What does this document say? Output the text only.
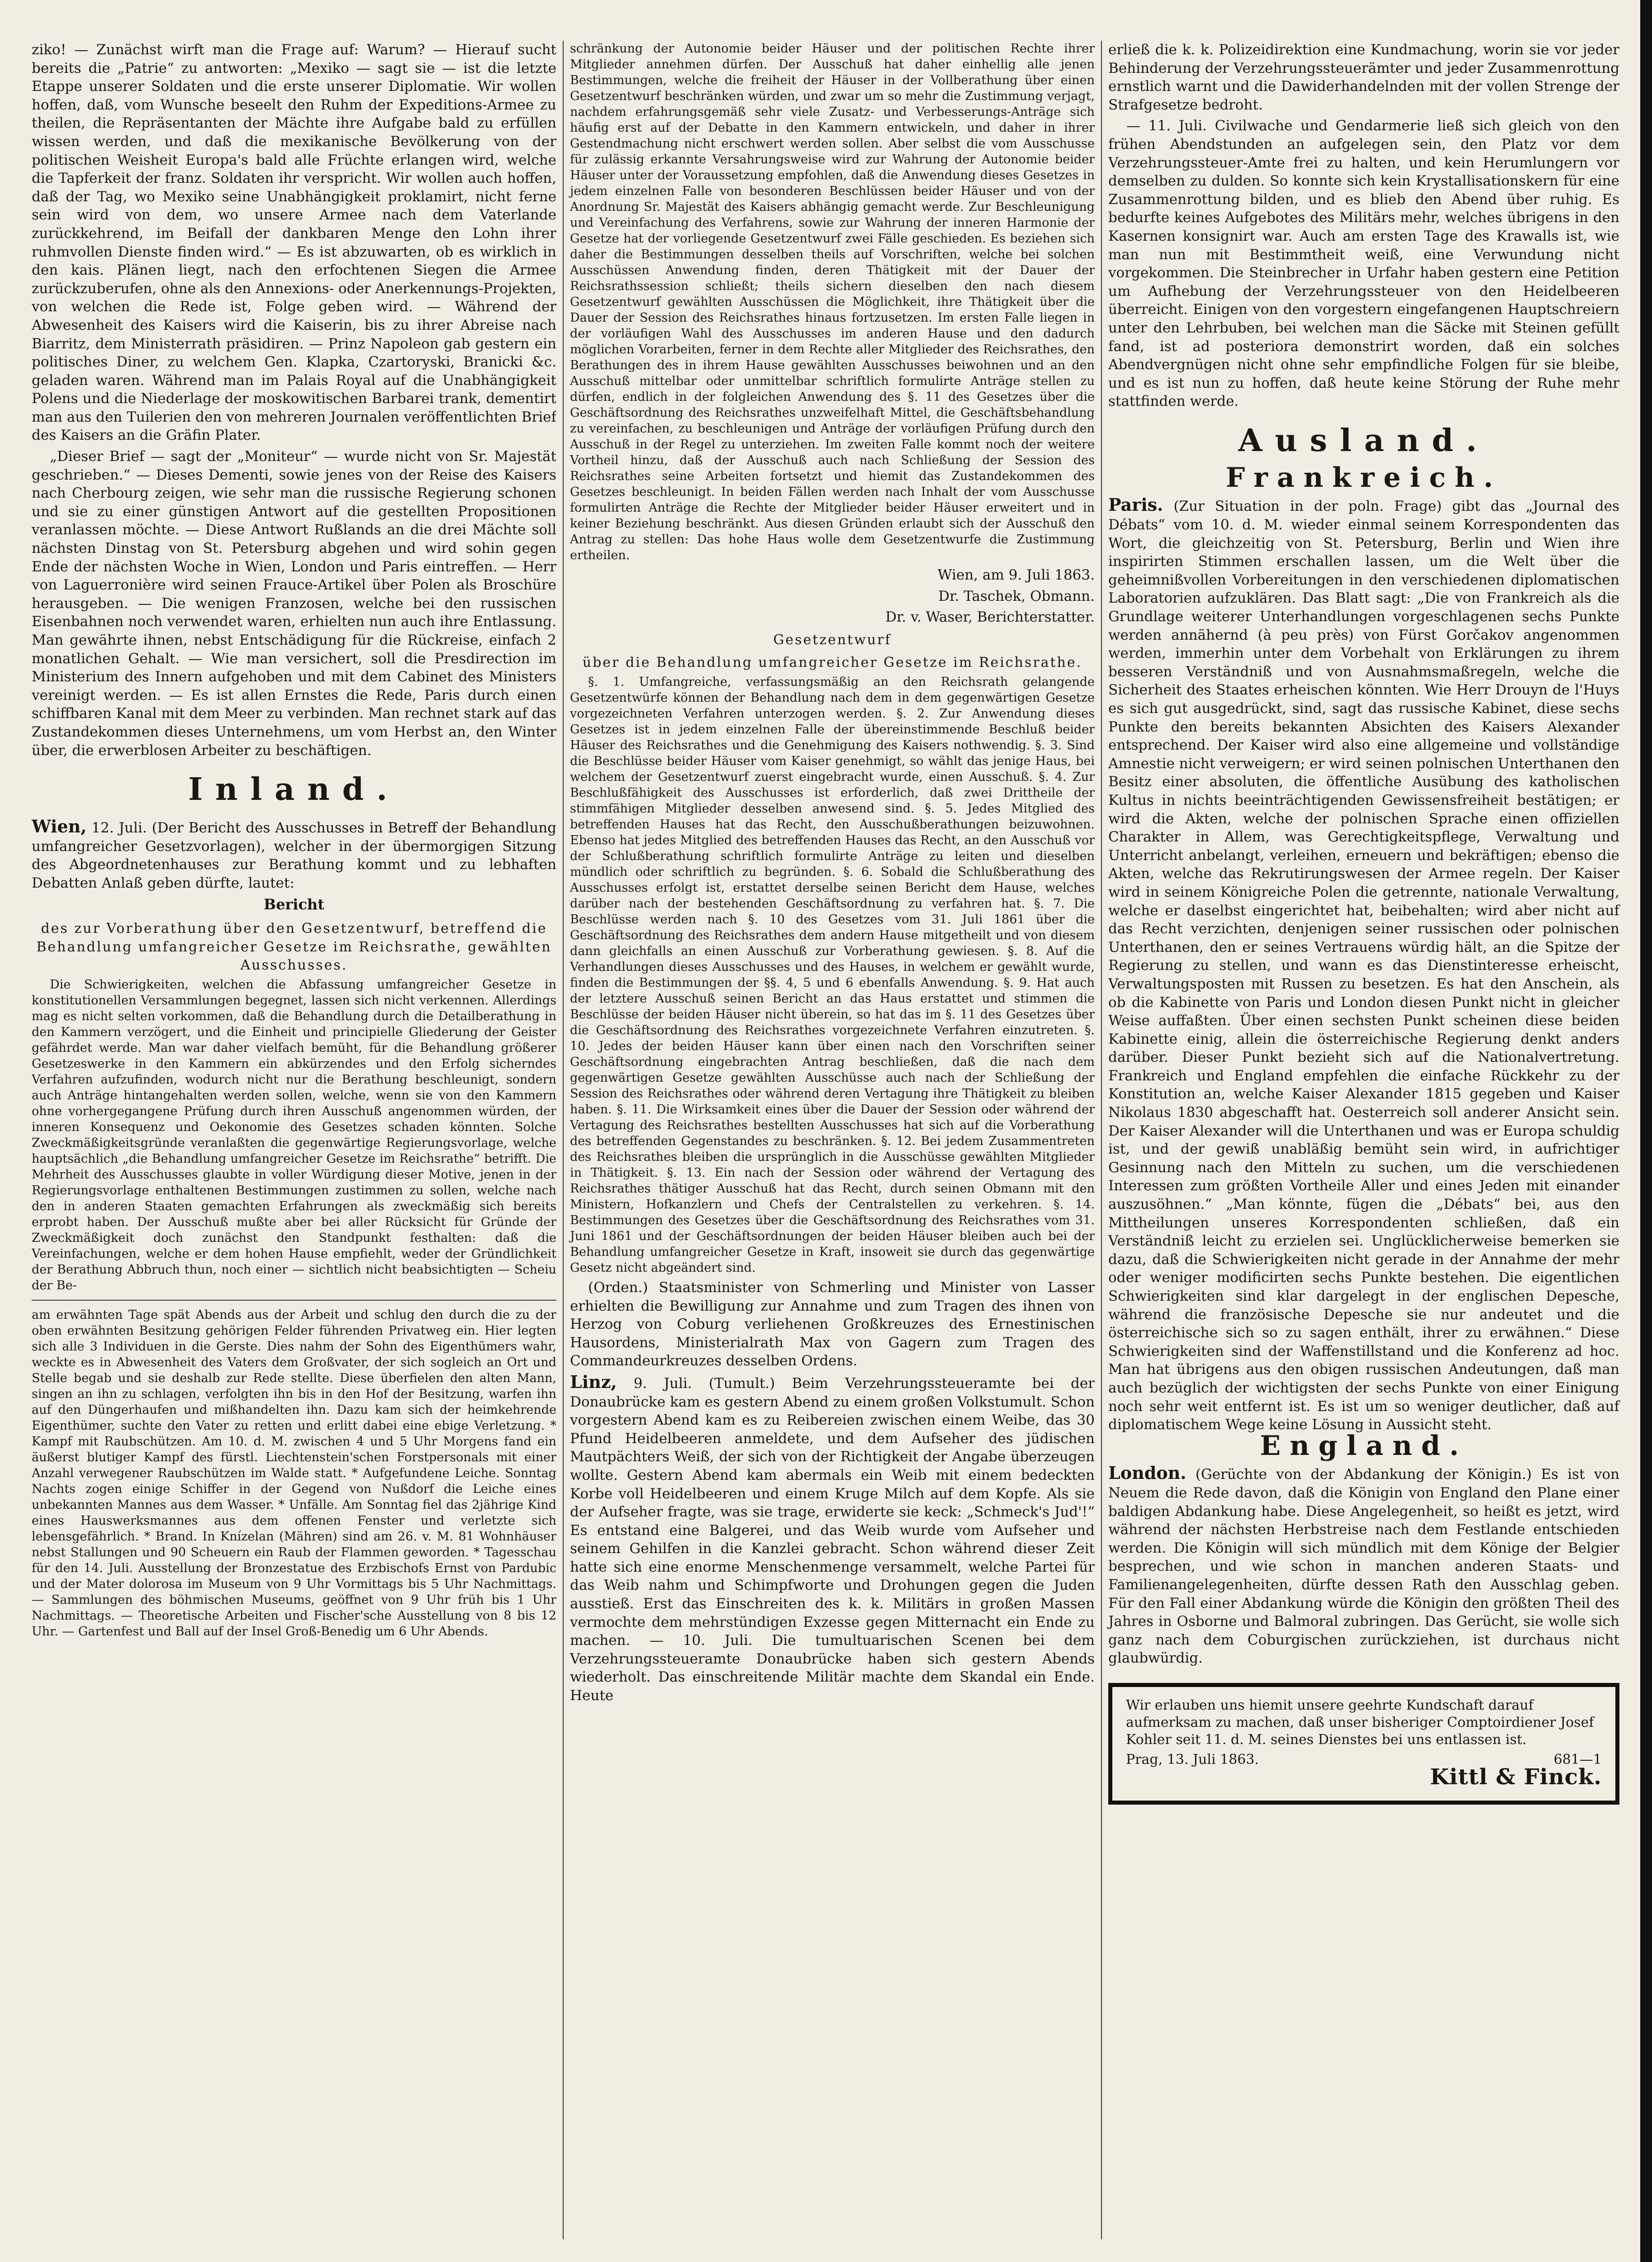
ziko! — Zunächst wirft man die Frage auf: Warum? — Hierauf sucht bereits die „Patrie“ zu antworten: „Mexiko — sagt sie — ist die letzte Etappe unserer Soldaten und die erste unserer Diplomatie. Wir wollen hoffen, daß, vom Wunsche beseelt den Ruhm der Expeditions-Armee zu theilen, die Repräsentanten der Mächte ihre Aufgabe bald zu erfüllen wissen werden, und daß die mexikanische Bevölkerung von der politischen Weisheit Europa's bald alle Früchte erlangen wird, welche die Tapferkeit der franz. Soldaten ihr verspricht. Wir wollen auch hoffen, daß der Tag, wo Mexiko seine Unabhängigkeit proklamirt, nicht ferne sein wird von dem, wo unsere Armee nach dem Vaterlande zurückkehrend, im Beifall der dankbaren Menge den Lohn ihrer ruhmvollen Dienste finden wird.“ — Es ist abzuwarten, ob es wirklich in den kais. Plänen liegt, nach den erfochtenen Siegen die Armee zurückzuberufen, ohne als den Annexions- oder Anerkennungs-Projekten, von welchen die Rede ist, Folge geben wird. — Während der Abwesenheit des Kaisers wird die Kaiserin, bis zu ihrer Abreise nach Biarritz, dem Ministerrath präsidiren. — Prinz Napoleon gab gestern ein politisches Diner, zu welchem Gen. Klapka, Czartoryski, Branicki &c. geladen waren. Während man im Palais Royal auf die Unabhängigkeit Polens und die Niederlage der moskowitischen Barbarei trank, dementirt man aus den Tuilerien den von mehreren Journalen veröffentlichten Brief des Kaisers an die Gräfin Plater.

„Dieser Brief — sagt der „Moniteur“ — wurde nicht von Sr. Majestät geschrieben.“ — Dieses Dementi, sowie jenes von der Reise des Kaisers nach Cherbourg zeigen, wie sehr man die russische Regierung schonen und sie zu einer günstigen Antwort auf die gestellten Propositionen veranlassen möchte. — Diese Antwort Rußlands an die drei Mächte soll nächsten Dinstag von St. Petersburg abgehen und wird sohin gegen Ende der nächsten Woche in Wien, London und Paris eintreffen. — Herr von Laguerronière wird seinen Frauce-Artikel über Polen als Broschüre herausgeben. — Die wenigen Franzosen, welche bei den russischen Eisenbahnen noch verwendet waren, erhielten nun auch ihre Entlassung. Man gewährte ihnen, nebst Entschädigung für die Rückreise, einfach 2 monatlichen Gehalt. — Wie man versichert, soll die Presdirection im Ministerium des Innern aufgehoben und mit dem Cabinet des Ministers vereinigt werden. — Es ist allen Ernstes die Rede, Paris durch einen schiffbaren Kanal mit dem Meer zu verbinden. Man rechnet stark auf das Zustandekommen dieses Unternehmens, um vom Herbst an, den Winter über, die erwerblosen Arbeiter zu beschäftigen.

Inland.

Wien, 12. Juli. (Der Bericht des Ausschusses in Betreff der Behandlung umfangreicher Gesetzvorlagen), welcher in der übermorgigen Sitzung des Abgeordnetenhauses zur Berathung kommt und zu lebhaften Debatten Anlaß geben dürfte, lautet:

Bericht
des zur Vorberathung über den Gesetzentwurf, betreffend die Behandlung umfangreicher Gesetze im Reichsrathe, gewählten Ausschusses.

Die Schwierigkeiten, welchen die Abfassung umfangreicher Gesetze in konstitutionellen Versammlungen begegnet, lassen sich nicht verkennen. Allerdings mag es nicht selten vorkommen, daß die Behandlung durch die Detailberathung in den Kammern verzögert, und die Einheit und principielle Gliederung der Geister gefährdet werde. Man war daher vielfach bemüht, für die Behandlung größerer Gesetzeswerke in den Kammern ein abkürzendes und den Erfolg sicherndes Verfahren aufzufinden, wodurch nicht nur die Berathung beschleunigt, sondern auch Anträge hintangehalten werden sollen, welche, wenn sie von den Kammern ohne vorhergegangene Prüfung durch ihren Ausschuß angenommen würden, der inneren Konsequenz und Oekonomie des Gesetzes schaden könnten. Solche Zweckmäßigkeitsgründe veranlaßten die gegenwärtige Regierungsvorlage, welche hauptsächlich „die Behandlung umfangreicher Gesetze im Reichsrathe“ betrifft. Die Mehrheit des Ausschusses glaubte in voller Würdigung dieser Motive, jenen in der Regierungsvorlage enthaltenen Bestimmungen zustimmen zu sollen, welche nach den in anderen Staaten gemachten Erfahrungen als zweckmäßig sich bereits erprobt haben. Der Ausschuß mußte aber bei aller Rücksicht für Gründe der Zweckmäßigkeit doch zunächst den Standpunkt festhalten: daß die Vereinfachungen, welche er dem hohen Hause empfiehlt, weder der Gründlichkeit der Berathung Abbruch thun, noch einer — sichtlich nicht beabsichtigten — Scheiu der Be-

am erwähnten Tage spät Abends aus der Arbeit und schlug den durch die zu der oben erwähnten Besitzung gehörigen Felder führenden Privatweg ein. Hier legten sich alle 3 Individuen in die Gerste. Dies nahm der Sohn des Eigenthümers wahr, weckte es in Abwesenheit des Vaters dem Großvater, der sich sogleich an Ort und Stelle begab und sie deshalb zur Rede stellte. Diese überfielen den alten Mann, singen an ihn zu schlagen, verfolgten ihn bis in den Hof der Besitzung, warfen ihn auf den Düngerhaufen und mißhandelten ihn. Dazu kam sich der heimkehrende Eigenthümer, suchte den Vater zu retten und erlitt dabei eine ebige Verletzung. * Kampf mit Raubschützen. Am 10. d. M. zwischen 4 und 5 Uhr Morgens fand ein äußerst blutiger Kampf des fürstl. Liechtenstein'schen Forstpersonals mit einer Anzahl verwegener Raubschützen im Walde statt. * Aufgefundene Leiche. Sonntag Nachts zogen einige Schiffer in der Gegend von Nußdorf die Leiche eines unbekannten Mannes aus dem Wasser. * Unfälle. Am Sonntag fiel das 2jährige Kind eines Hauswerksmannes aus dem offenen Fenster und verletzte sich lebensgefährlich. * Brand. In Knízelan (Mähren) sind am 26. v. M. 81 Wohnhäuser nebst Stallungen und 90 Scheuern ein Raub der Flammen geworden. * Tagesschau für den 14. Juli. Ausstellung der Bronzestatue des Erzbischofs Ernst von Pardubic und der Mater dolorosa im Museum von 9 Uhr Vormittags bis 5 Uhr Nachmittags. — Sammlungen des böhmischen Museums, geöffnet von 9 Uhr früh bis 1 Uhr Nachmittags. — Theoretische Arbeiten und Fischer'sche Ausstellung von 8 bis 12 Uhr. — Gartenfest und Ball auf der Insel Groß-Benedig um 6 Uhr Abends.

schränkung der Autonomie beider Häuser und der politischen Rechte ihrer Mitglieder annehmen dürfen. Der Ausschuß hat daher einhellig alle jenen Bestimmungen, welche die freiheit der Häuser in der Vollberathung über einen Gesetzentwurf beschränken würden, und zwar um so mehr die Zustimmung verjagt, nachdem erfahrungsgemäß sehr viele Zusatz- und Verbesserungs-Anträge sich häufig erst auf der Debatte in den Kammern entwickeln, und daher in ihrer Gestendmachung nicht erschwert werden sollen. Aber selbst die vom Ausschusse für zulässig erkannte Versahrungsweise wird zur Wahrung der Autonomie beider Häuser unter der Voraussetzung empfohlen, daß die Anwendung dieses Gesetzes in jedem einzelnen Falle von besonderen Beschlüssen beider Häuser und von der Anordnung Sr. Majestät des Kaisers abhängig gemacht werde. Zur Beschleunigung und Vereinfachung des Verfahrens, sowie zur Wahrung der inneren Harmonie der Gesetze hat der vorliegende Gesetzentwurf zwei Fälle geschieden. Es beziehen sich daher die Bestimmungen desselben theils auf Vorschriften, welche bei solchen Ausschüssen Anwendung finden, deren Thätigkeit mit der Dauer der Reichsrathssession schließt; theils sichern dieselben den nach diesem Gesetzentwurf gewählten Ausschüssen die Möglichkeit, ihre Thätigkeit über die Dauer der Session des Reichsrathes hinaus fortzusetzen. Im ersten Falle liegen in der vorläufigen Wahl des Ausschusses im anderen Hause und den dadurch möglichen Vorarbeiten, ferner in dem Rechte aller Mitglieder des Reichsrathes, den Berathungen des in ihrem Hause gewählten Ausschusses beiwohnen und an den Ausschuß mittelbar oder unmittelbar schriftlich formulirte Anträge stellen zu dürfen, endlich in der folgleichen Anwendung des §. 11 des Gesetzes über die Geschäftsordnung des Reichsrathes unzweifelhaft Mittel, die Geschäftsbehandlung zu vereinfachen, zu beschleunigen und Anträge der vorläufigen Prüfung durch den Ausschuß in der Regel zu unterziehen. Im zweiten Falle kommt noch der weitere Vortheil hinzu, daß der Ausschuß auch nach Schließung der Session des Reichsrathes seine Arbeiten fortsetzt und hiemit das Zustandekommen des Gesetzes beschleunigt. In beiden Fällen werden nach Inhalt der vom Ausschusse formulirten Anträge die Rechte der Mitglieder beider Häuser erweitert und in keiner Beziehung beschränkt. Aus diesen Gründen erlaubt sich der Ausschuß den Antrag zu stellen: Das hohe Haus wolle dem Gesetzentwurfe die Zustimmung ertheilen.

Wien, am 9. Juli 1863.
Dr. Taschek, Obmann.
Dr. v. Waser, Berichterstatter.
Gesetzentwurf
über die Behandlung umfangreicher Gesetze im Reichsrathe.

§. 1. Umfangreiche, verfassungsmäßig an den Reichsrath gelangende Gesetzentwürfe können der Behandlung nach dem in dem gegenwärtigen Gesetze vorgezeichneten Verfahren unterzogen werden. §. 2. Zur Anwendung dieses Gesetzes ist in jedem einzelnen Falle der übereinstimmende Beschluß beider Häuser des Reichsrathes und die Genehmigung des Kaisers nothwendig. §. 3. Sind die Beschlüsse beider Häuser vom Kaiser genehmigt, so wählt das jenige Haus, bei welchem der Gesetzentwurf zuerst eingebracht wurde, einen Ausschuß. §. 4. Zur Beschlußfähigkeit des Ausschusses ist erforderlich, daß zwei Drittheile der stimmfähigen Mitglieder desselben anwesend sind. §. 5. Jedes Mitglied des betreffenden Hauses hat das Recht, den Ausschußberathungen beizuwohnen. Ebenso hat jedes Mitglied des betreffenden Hauses das Recht, an den Ausschuß vor der Schlußberathung schriftlich formulirte Anträge zu leiten und dieselben mündlich oder schriftlich zu begründen. §. 6. Sobald die Schlußberathung des Ausschusses erfolgt ist, erstattet derselbe seinen Bericht dem Hause, welches darüber nach der bestehenden Geschäftsordnung zu verfahren hat. §. 7. Die Beschlüsse werden nach §. 10 des Gesetzes vom 31. Juli 1861 über die Geschäftsordnung des Reichsrathes dem andern Hause mitgetheilt und von diesem dann gleichfalls an einen Ausschuß zur Vorberathung gewiesen. §. 8. Auf die Verhandlungen dieses Ausschusses und des Hauses, in welchem er gewählt wurde, finden die Bestimmungen der §§. 4, 5 und 6 ebenfalls Anwendung. §. 9. Hat auch der letztere Ausschuß seinen Bericht an das Haus erstattet und stimmen die Beschlüsse der beiden Häuser nicht überein, so hat das im §. 11 des Gesetzes über die Geschäftsordnung des Reichsrathes vorgezeichnete Verfahren einzutreten. §. 10. Jedes der beiden Häuser kann über einen nach den Vorschriften seiner Geschäftsordnung eingebrachten Antrag beschließen, daß die nach dem gegenwärtigen Gesetze gewählten Ausschüsse auch nach der Schließung der Session des Reichsrathes oder während deren Vertagung ihre Thätigkeit zu bleiben haben. §. 11. Die Wirksamkeit eines über die Dauer der Session oder während der Vertagung des Reichsrathes bestellten Ausschusses hat sich auf die Vorberathung des betreffenden Gegenstandes zu beschränken. §. 12. Bei jedem Zusammentreten des Reichsrathes bleiben die ursprünglich in die Ausschüsse gewählten Mitglieder in Thätigkeit. §. 13. Ein nach der Session oder während der Vertagung des Reichsrathes thätiger Ausschuß hat das Recht, durch seinen Obmann mit den Ministern, Hofkanzlern und Chefs der Centralstellen zu verkehren. §. 14. Bestimmungen des Gesetzes über die Geschäftsordnung des Reichsrathes vom 31. Juni 1861 und der Geschäftsordnungen der beiden Häuser bleiben auch bei der Behandlung umfangreicher Gesetze in Kraft, insoweit sie durch das gegenwärtige Gesetz nicht abgeändert sind.

(Orden.) Staatsminister von Schmerling und Minister von Lasser erhielten die Bewilligung zur Annahme und zum Tragen des ihnen von Herzog von Coburg verliehenen Großkreuzes des Ernestinischen Hausordens, Ministerialrath Max von Gagern zum Tragen des Commandeurkreuzes desselben Ordens.

Linz, 9. Juli. (Tumult.) Beim Verzehrungssteueramte bei der Donaubrücke kam es gestern Abend zu einem großen Volkstumult. Schon vorgestern Abend kam es zu Reibereien zwischen einem Weibe, das 30 Pfund Heidelbeeren anmeldete, und dem Aufseher des jüdischen Mautpächters Weiß, der sich von der Richtigkeit der Angabe überzeugen wollte. Gestern Abend kam abermals ein Weib mit einem bedeckten Korbe voll Heidelbeeren und einem Kruge Milch auf dem Kopfe. Als sie der Aufseher fragte, was sie trage, erwiderte sie keck: „Schmeck's Jud'!“ Es entstand eine Balgerei, und das Weib wurde vom Aufseher und seinem Gehilfen in die Kanzlei gebracht. Schon während dieser Zeit hatte sich eine enorme Menschenmenge versammelt, welche Partei für das Weib nahm und Schimpfworte und Drohungen gegen die Juden ausstieß. Erst das Einschreiten des k. k. Militärs in großen Massen vermochte dem mehrstündigen Exzesse gegen Mitternacht ein Ende zu machen. — 10. Juli. Die tumultuarischen Scenen bei dem Verzehrungssteueramte Donaubrücke haben sich gestern Abends wiederholt. Das einschreitende Militär machte dem Skandal ein Ende. Heute

erließ die k. k. Polizeidirektion eine Kundmachung, worin sie vor jeder Behinderung der Verzehrungssteuerämter und jeder Zusammenrottung ernstlich warnt und die Dawiderhandelnden mit der vollen Strenge der Strafgesetze bedroht.

— 11. Juli. Civilwache und Gendarmerie ließ sich gleich von den frühen Abendstunden an aufgelegen sein, den Platz vor dem Verzehrungssteuer-Amte frei zu halten, und kein Herumlungern vor demselben zu dulden. So konnte sich kein Krystallisationskern für eine Zusammenrottung bilden, und es blieb den Abend über ruhig. Es bedurfte keines Aufgebotes des Militärs mehr, welches übrigens in den Kasernen konsignirt war. Auch am ersten Tage des Krawalls ist, wie man nun mit Bestimmtheit weiß, eine Verwundung nicht vorgekommen. Die Steinbrecher in Urfahr haben gestern eine Petition um Aufhebung der Verzehrungssteuer von den Heidelbeeren überreicht. Einigen von den vorgestern eingefangenen Hauptschreiern unter den Lehrbuben, bei welchen man die Säcke mit Steinen gefüllt fand, ist ad posteriora demonstrirt worden, daß ein solches Abendvergnügen nicht ohne sehr empfindliche Folgen für sie bleibe, und es ist nun zu hoffen, daß heute keine Störung der Ruhe mehr stattfinden werde.

Ausland.
Frankreich.

Paris. (Zur Situation in der poln. Frage) gibt das „Journal des Débats“ vom 10. d. M. wieder einmal seinem Korrespondenten das Wort, die gleichzeitig von St. Petersburg, Berlin und Wien ihre inspirirten Stimmen erschallen lassen, um die Welt über die geheimnißvollen Vorbereitungen in den verschiedenen diplomatischen Laboratorien aufzuklären. Das Blatt sagt: „Die von Frankreich als die Grundlage weiterer Unterhandlungen vorgeschlagenen sechs Punkte werden annähernd (à peu près) von Fürst Gorčakov angenommen werden, immerhin unter dem Vorbehalt von Erklärungen zu ihrem besseren Verständniß und von Ausnahmsmaßregeln, welche die Sicherheit des Staates erheischen könnten. Wie Herr Drouyn de l'Huys es sich gut ausgedrückt, sind, sagt das russische Kabinet, diese sechs Punkte den bereits bekannten Absichten des Kaisers Alexander entsprechend. Der Kaiser wird also eine allgemeine und vollständige Amnestie nicht verweigern; er wird seinen polnischen Unterthanen den Besitz einer absoluten, die öffentliche Ausübung des katholischen Kultus in nichts beeinträchtigenden Gewissensfreiheit bestätigen; er wird die Akten, welche der polnischen Sprache einen offiziellen Charakter in Allem, was Gerechtigkeitspflege, Verwaltung und Unterricht anbelangt, verleihen, erneuern und bekräftigen; ebenso die Akten, welche das Rekrutirungswesen der Armee regeln. Der Kaiser wird in seinem Königreiche Polen die getrennte, nationale Verwaltung, welche er daselbst eingerichtet hat, beibehalten; wird aber nicht auf das Recht verzichten, denjenigen seiner russischen oder polnischen Unterthanen, den er seines Vertrauens würdig hält, an die Spitze der Regierung zu stellen, und wann es das Dienstinteresse erheischt, Verwaltungsposten mit Russen zu besetzen. Es hat den Anschein, als ob die Kabinette von Paris und London diesen Punkt nicht in gleicher Weise auffaßten. Über einen sechsten Punkt scheinen diese beiden Kabinette einig, allein die österreichische Regierung denkt anders darüber. Dieser Punkt bezieht sich auf die Nationalvertretung. Frankreich und England empfehlen die einfache Rückkehr zu der Konstitution an, welche Kaiser Alexander 1815 gegeben und Kaiser Nikolaus 1830 abgeschafft hat. Oesterreich soll anderer Ansicht sein. Der Kaiser Alexander will die Unterthanen und was er Europa schuldig ist, und der gewiß unabläßig bemüht sein wird, in aufrichtiger Gesinnung nach den Mitteln zu suchen, um die verschiedenen Interessen zum größten Vortheile Aller und eines Jeden mit einander auszusöhnen.“ „Man könnte, fügen die „Débats“ bei, aus den Mittheilungen unseres Korrespondenten schließen, daß ein Verständniß leicht zu erzielen sei. Unglücklicherweise bemerken sie dazu, daß die Schwierigkeiten nicht gerade in der Annahme der mehr oder weniger modificirten sechs Punkte bestehen. Die eigentlichen Schwierigkeiten sind klar dargelegt in der englischen Depesche, während die französische Depesche sie nur andeutet und die österreichische sich so zu sagen enthält, ihrer zu erwähnen.“ Diese Schwierigkeiten sind der Waffenstillstand und die Konferenz ad hoc. Man hat übrigens aus den obigen russischen Andeutungen, daß man auch bezüglich der wichtigsten der sechs Punkte von einer Einigung noch sehr weit entfernt ist. Es ist um so weniger deutlicher, daß auf diplomatischem Wege keine Lösung in Aussicht steht.

England.

London. (Gerüchte von der Abdankung der Königin.) Es ist von Neuem die Rede davon, daß die Königin von England den Plane einer baldigen Abdankung habe. Diese Angelegenheit, so heißt es jetzt, wird während der nächsten Herbstreise nach dem Festlande entschieden werden. Die Königin will sich mündlich mit dem Könige der Belgier besprechen, und wie schon in manchen anderen Staats- und Familienangelegenheiten, dürfte dessen Rath den Ausschlag geben. Für den Fall einer Abdankung würde die Königin den größten Theil des Jahres in Osborne und Balmoral zubringen. Das Gerücht, sie wolle sich ganz nach dem Coburgischen zurückziehen, ist durchaus nicht glaubwürdig.

Wir erlauben uns hiemit unsere geehrte Kundschaft darauf aufmerksam zu machen, daß unser bisheriger Comptoirdiener Josef Kohler seit 11. d. M. seines Dienstes bei uns entlassen ist.

Prag, 13. Juli 1863.	681—1
Kittl & Finck.
